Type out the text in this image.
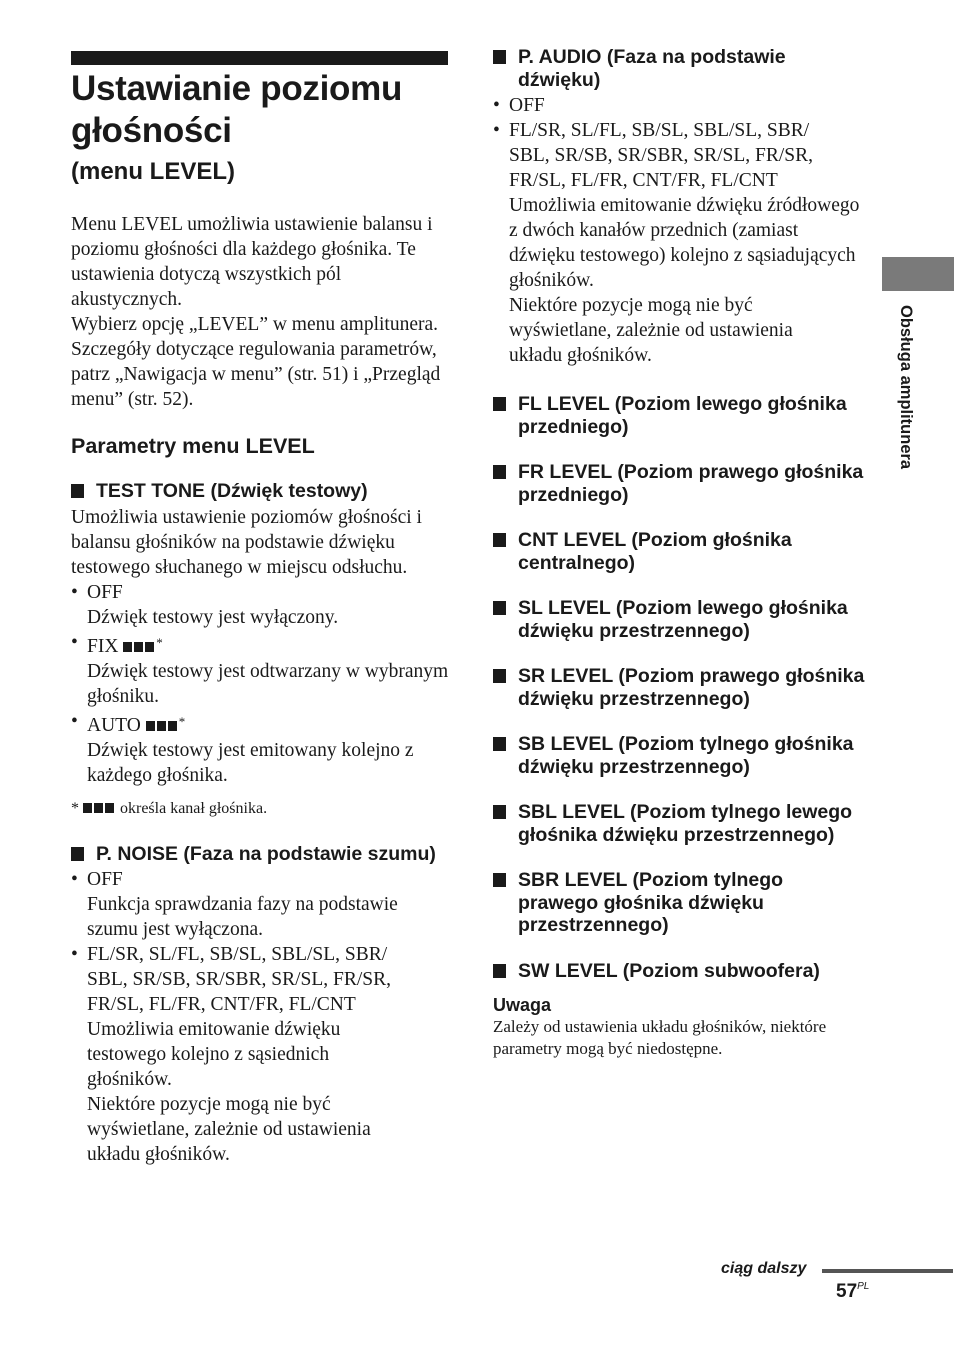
Ustawianie poziomu głośności
(menu LEVEL)

Menu LEVEL umożliwia ustawienie balansu i poziomu głośności dla każdego głośnika. Te ustawienia dotyczą wszystkich pól akustycznych.

Wybierz opcję „LEVEL” w menu amplitunera. Szczegóły dotyczące regulowania parametrów, patrz „Nawigacja w menu” (str. 51) i „Przegląd menu” (str. 52).

Parametry menu LEVEL

TEST TONE (Dźwięk testowy)

Umożliwia ustawienie poziomów głośności i balansu głośników na podstawie dźwięku testowego słuchanego w miejscu odsłuchu.

• OFF

Dźwięk testowy jest wyłączony.

• FIX	*

Dźwięk testowy jest odtwarzany w wybranym głośniku.

• AUTO	*

Dźwięk testowy jest emitowany kolejno z każdego głośnika.

*  określa kanał głośnika.

P. NOISE (Faza na podstawie szumu)

• OFF

Funkcja sprawdzania fazy na podstawie szumu jest wyłączona.

• FL/SR, SL/FL, SB/SL, SBL/SL, SBR/ SBL, SR/SB, SR/SBR, SR/SL, FR/SR, FR/SL, FL/FR, CNT/FR, FL/CNT

Umożliwia emitowanie dźwięku testowego kolejno z sąsiednich głośników.

Niektóre pozycje mogą nie być wyświetlane, zależnie od ustawienia układu głośników.

P. AUDIO (Faza na podstawie dźwięku)

• OFF

• FL/SR, SL/FL, SB/SL, SBL/SL, SBR/ SBL, SR/SB, SR/SBR, SR/SL, FR/SR, FR/SL, FL/FR, CNT/FR, FL/CNT

Umożliwia emitowanie dźwięku źródłowego z dwóch kanałów przednich (zamiast dźwięku testowego) kolejno z sąsiadujących głośników.

Niektóre pozycje mogą nie być wyświetlane, zależnie od ustawienia układu głośników.

FL LEVEL (Poziom lewego głośnika przedniego)

FR LEVEL (Poziom prawego głośnika przedniego)

CNT LEVEL (Poziom głośnika centralnego)

SL LEVEL (Poziom lewego głośnika dźwięku przestrzennego)

SR LEVEL (Poziom prawego głośnika dźwięku przestrzennego)

SB LEVEL (Poziom tylnego głośnika dźwięku przestrzennego)

SBL LEVEL (Poziom tylnego lewego głośnika dźwięku przestrzennego)

SBR LEVEL (Poziom tylnego prawego głośnika dźwięku przestrzennego)

SW LEVEL (Poziom subwoofera)

Uwaga

Zależy od ustawienia układu głośników, niektóre parametry mogą być niedostępne.

Obsługa amplitunera
ciąg dalszy
$57^{PL}$
